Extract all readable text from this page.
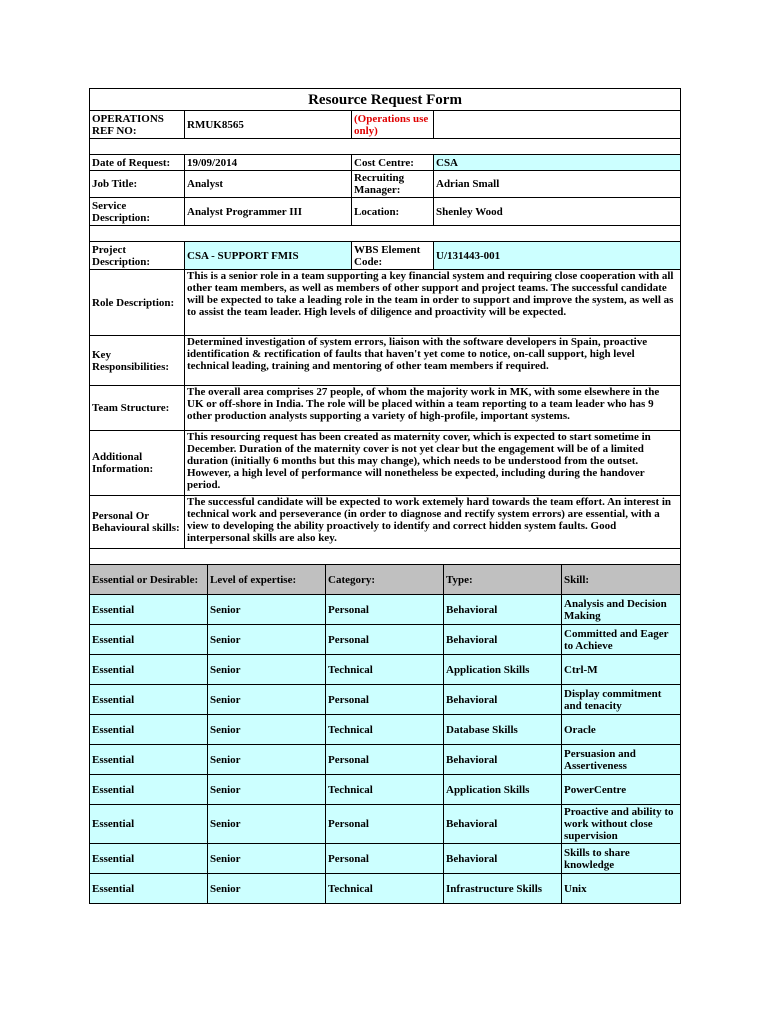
Resource Request Form			
OPERATIONS REF NO:	RMUK8565	(Operations use only)	

Date of Request:	19/09/2014	Cost Centre:	CSA
Job Title:	Analyst	Recruiting Manager:	Adrian Small
Service Description:	Analyst Programmer III	Location:	Shenley Wood

Project Description:	CSA - SUPPORT FMIS	WBS Element Code:	U/131443-001
Role Description:	This is a senior role in a team supporting a key financial system and requiring close cooperation with all other team members, as well as members of other support and project teams. The successful candidate will be expected to take a leading role in the team in order to support and improve the system, as well as to assist the team leader. High levels of diligence and proactivity will be expected.		
Key Responsibilities:	Determined investigation of system errors, liaison with the software developers in Spain, proactive identification & rectification of faults that haven't yet come to notice, on-call support, high level technical leading, training and mentoring of other team members if required.		
Team Structure:	The overall area comprises 27 people, of whom the majority work in MK, with some elsewhere in the UK or off-shore in India. The role will be placed within a team reporting to a team leader who has 9 other production analysts supporting a variety of high-profile, important systems.		
Additional Information:	This resourcing request has been created as maternity cover, which is expected to start sometime in December. Duration of the maternity cover is not yet clear but the engagement will be of a limited duration (initially 6 months but this may change), which needs to be understood from the outset. However, a high level of performance will nonetheless be expected, including during the handover period.		
Personal Or Behavioural skills:	The successful candidate will be expected to work extemely hard towards the team effort. An interest in technical work and perseverance (in order to diagnose and rectify system errors) are essential, with a view to developing the ability proactively to identify and correct hidden system faults. Good interpersonal skills are also key.		

Essential or Desirable:	Level of expertise:	Category:	Type:	Skill:
Essential	Senior	Personal	Behavioral	Analysis and Decision Making
Essential	Senior	Personal	Behavioral	Committed and Eager to Achieve
Essential	Senior	Technical	Application Skills	Ctrl-M
Essential	Senior	Personal	Behavioral	Display commitment and tenacity
Essential	Senior	Technical	Database Skills	Oracle
Essential	Senior	Personal	Behavioral	Persuasion and Assertiveness
Essential	Senior	Technical	Application Skills	PowerCentre
Essential	Senior	Personal	Behavioral	Proactive and ability to work without close supervision
Essential	Senior	Personal	Behavioral	Skills to share knowledge
Essential	Senior	Technical	Infrastructure Skills	Unix
